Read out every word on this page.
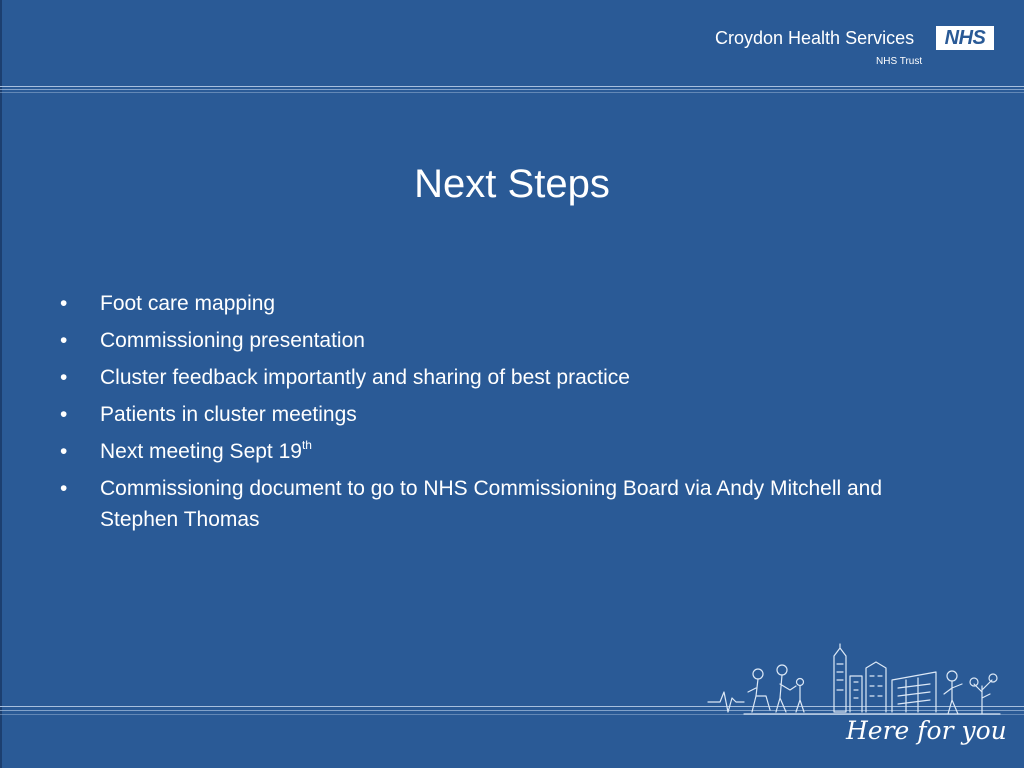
Croydon Health Services	NHS
NHS Trust
Next Steps
• Foot care mapping
• Commissioning presentation
• Cluster feedback importantly and sharing of best practice
• Patients in cluster meetings
• Next meeting Sept 19th
• Commissioning document to go to NHS Commissioning Board via Andy Mitchell and Stephen Thomas
Here for you
